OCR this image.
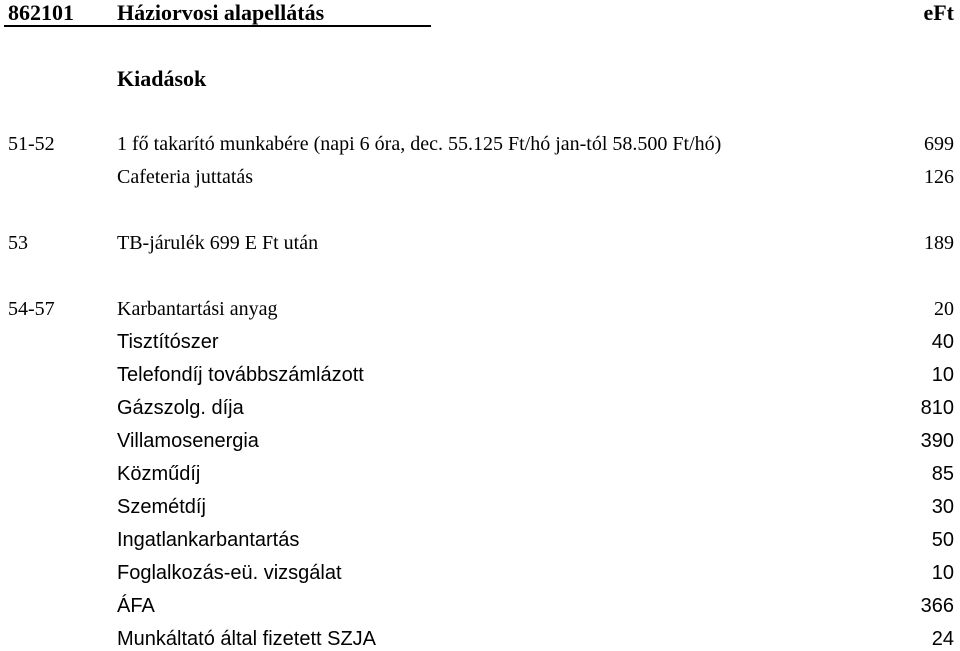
862101 Háziorvosi alapellátás	eFt
Kiadások
51-52	1 fő takarító munkabére (napi 6 óra, dec. 55.125 Ft/hó jan-tól 58.500 Ft/hó)	699
Cafeteria juttatás	126
53	TB-járulék 699 E Ft után	189
54-57	Karbantartási anyag	20
Tisztítószer	40
Telefondíj továbbszámlázott	10
Gázszolg. díja	810
Villamosenergia	390
Közműdíj	85
Szemétdíj	30
Ingatlankarbantartás	50
Foglalkozás-eü. vizsgálat	10
ÁFA	366
Munkáltató által fizetett SZJA	24
